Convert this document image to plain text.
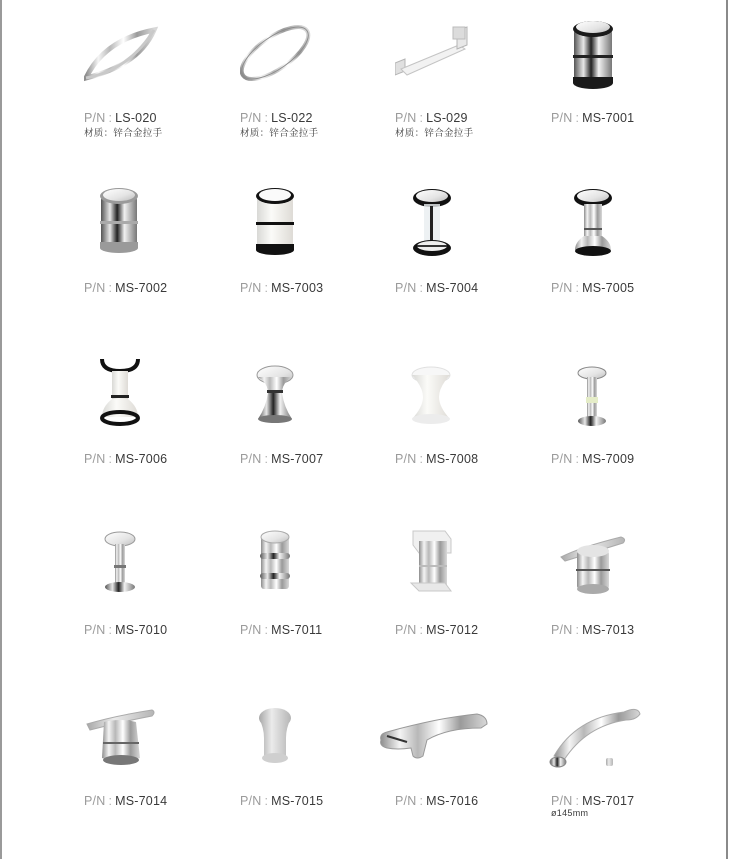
P/N : LS-020
材质：锌合金拉手
P/N : LS-022
材质：锌合金拉手
P/N : LS-029
材质：锌合金拉手
P/N : MS-7001
P/N : MS-7002	P/N : MS-7003	P/N : MS-7004	P/N : MS-7005
P/N : MS-7006	P/N : MS-7007	P/N : MS-7008	P/N : MS-7009
P/N : MS-7010	P/N : MS-7011	P/N : MS-7012	P/N : MS-7013
P/N : MS-7014	P/N : MS-7015	P/N : MS-7016	P/N : MS-7017
ø145mm
